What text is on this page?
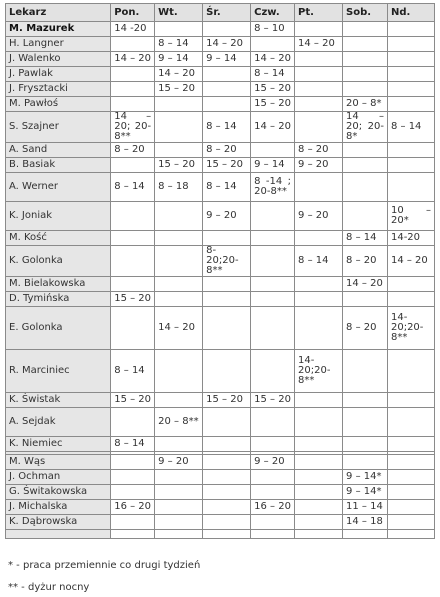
Lekarz	Pon.	Wt.	Śr.	Czw.	Pt.	Sob.	Nd.
M. Mazurek	14 -20			8 – 10			
H. Langner		8 – 14	14 – 20		14 – 20		
J. Walenko	14 – 20	9 – 14	9 – 14	14 – 20			
J. Pawlak		14 – 20		8 – 14			
J. Frysztacki		15 – 20		15 – 20			
M. Pawłoś				15 – 20		20 – 8*	
S. Szajner	14 – 20; 20-8**		8 – 14	14 – 20		14 – 20; 20-8*	8 – 14
A. Sand	8 – 20		8 – 20		8 – 20		
B. Basiak		15 – 20	15 – 20	9 – 14	9 – 20		
A. Werner	8 – 14	8 – 18	8 – 14	8 -14 ; 20-8**			
K. Joniak			9 – 20		9 – 20		10 – 20*
M. Kość						8 – 14	14-20
K. Golonka			8-20;20-8**		8 – 14	8 – 20	14 – 20
M. Bielakowska						14 – 20	
D. Tymińska	15 – 20						
E. Golonka		14 – 20				8 – 20	14-20;20-8**
R. Marciniec	8 – 14				14-20;20-8**		
K. Świstak	15 – 20		15 – 20	15 – 20			
A. Sejdak		20 – 8**					
K. Niemiec	8 – 14						

M. Wąs		9 – 20		9 – 20			
J. Ochman						9 – 14*	
G. Świtakowska						9 – 14*	
J. Michalska	16 – 20			16 – 20		11 – 14	
K. Dąbrowska						14 – 18	

* - praca przemiennie co drugi tydzień
** - dyżur nocny
